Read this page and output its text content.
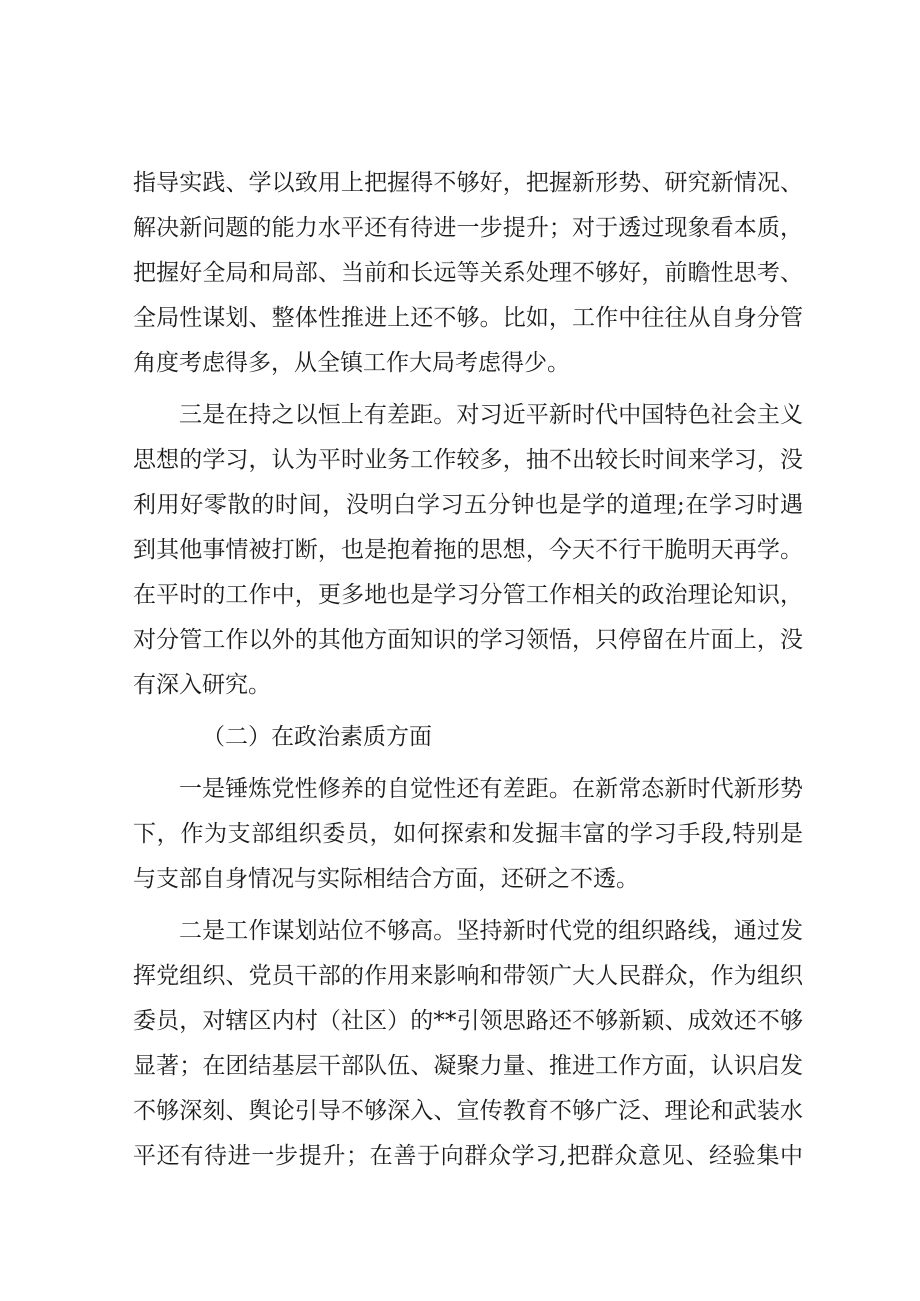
指导实践、学以致用上把握得不够好，把握新形势、研究新情况、
解决新问题的能力水平还有待进一步提升；对于透过现象看本质，
把握好全局和局部、当前和长远等关系处理不够好，前瞻性思考、
全局性谋划、整体性推进上还不够。比如，工作中往往从自身分管
角度考虑得多，从全镇工作大局考虑得少。
三是在持之以恒上有差距。对习近平新时代中国特色社会主义
思想的学习，认为平时业务工作较多，抽不出较长时间来学习，没
利用好零散的时间，没明白学习五分钟也是学的道理;在学习时遇
到其他事情被打断，也是抱着拖的思想，今天不行干脆明天再学。
在平时的工作中，更多地也是学习分管工作相关的政治理论知识，
对分管工作以外的其他方面知识的学习领悟，只停留在片面上，没
有深入研究。
（二）在政治素质方面
一是锤炼党性修养的自觉性还有差距。在新常态新时代新形势
下，作为支部组织委员，如何探索和发掘丰富的学习手段,特别是
与支部自身情况与实际相结合方面，还研之不透。
二是工作谋划站位不够高。坚持新时代党的组织路线，通过发
挥党组织、党员干部的作用来影响和带领广大人民群众，作为组织
委员，对辖区内村（社区）的**引领思路还不够新颖、成效还不够
显著；在团结基层干部队伍、凝聚力量、推进工作方面，认识启发
不够深刻、舆论引导不够深入、宣传教育不够广泛、理论和武装水
平还有待进一步提升；在善于向群众学习,把群众意见、经验集中
